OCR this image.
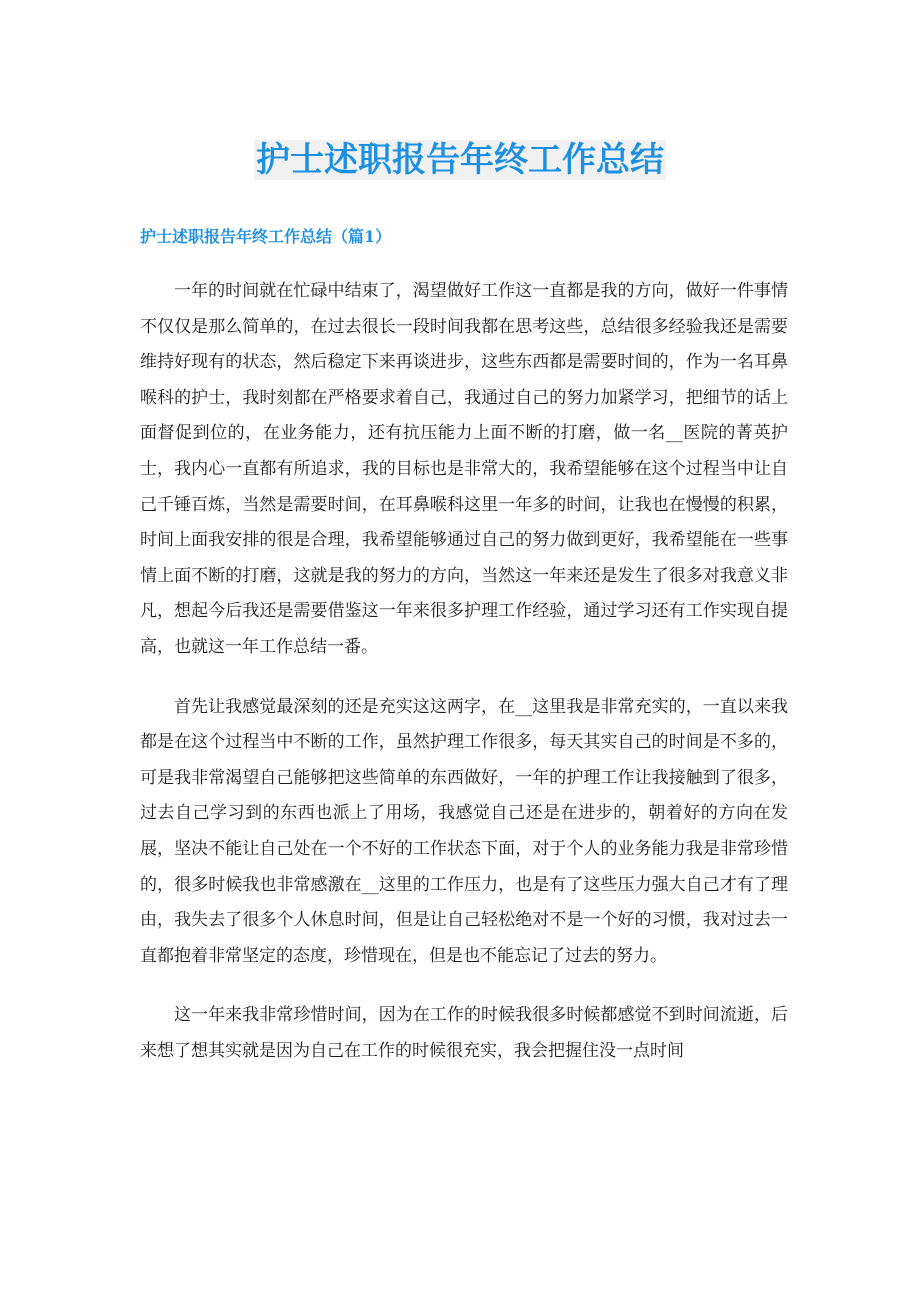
护士述职报告年终工作总结
护士述职报告年终工作总结（篇1）

一年的时间就在忙碌中结束了，渴望做好工作这一直都是我的方向，做好一件事情不仅仅是那么简单的，在过去很长一段时间我都在思考这些，总结很多经验我还是需要维持好现有的状态，然后稳定下来再谈进步，这些东西都是需要时间的，作为一名耳鼻喉科的护士，我时刻都在严格要求着自己，我通过自己的努力加紧学习，把细节的话上面督促到位的，在业务能力，还有抗压能力上面不断的打磨，做一名__医院的菁英护士，我内心一直都有所追求，我的目标也是非常大的，我希望能够在这个过程当中让自己千锤百炼，当然是需要时间，在耳鼻喉科这里一年多的时间，让我也在慢慢的积累，时间上面我安排的很是合理，我希望能够通过自己的努力做到更好，我希望能在一些事情上面不断的打磨，这就是我的努力的方向，当然这一年来还是发生了很多对我意义非凡，想起今后我还是需要借鉴这一年来很多护理工作经验，通过学习还有工作实现自提高，也就这一年工作总结一番。

首先让我感觉最深刻的还是充实这这两字，在__这里我是非常充实的，一直以来我都是在这个过程当中不断的工作，虽然护理工作很多，每天其实自己的时间是不多的，可是我非常渴望自己能够把这些简单的东西做好，一年的护理工作让我接触到了很多，过去自己学习到的东西也派上了用场，我感觉自己还是在进步的，朝着好的方向在发展，坚决不能让自己处在一个不好的工作状态下面，对于个人的业务能力我是非常珍惜的，很多时候我也非常感激在__这里的工作压力，也是有了这些压力强大自己才有了理由，我失去了很多个人休息时间，但是让自己轻松绝对不是一个好的习惯，我对过去一直都抱着非常坚定的态度，珍惜现在，但是也不能忘记了过去的努力。

这一年来我非常珍惜时间，因为在工作的时候我很多时候都感觉不到时间流逝，后来想了想其实就是因为自己在工作的时候很充实，我会把握住没一点时间
